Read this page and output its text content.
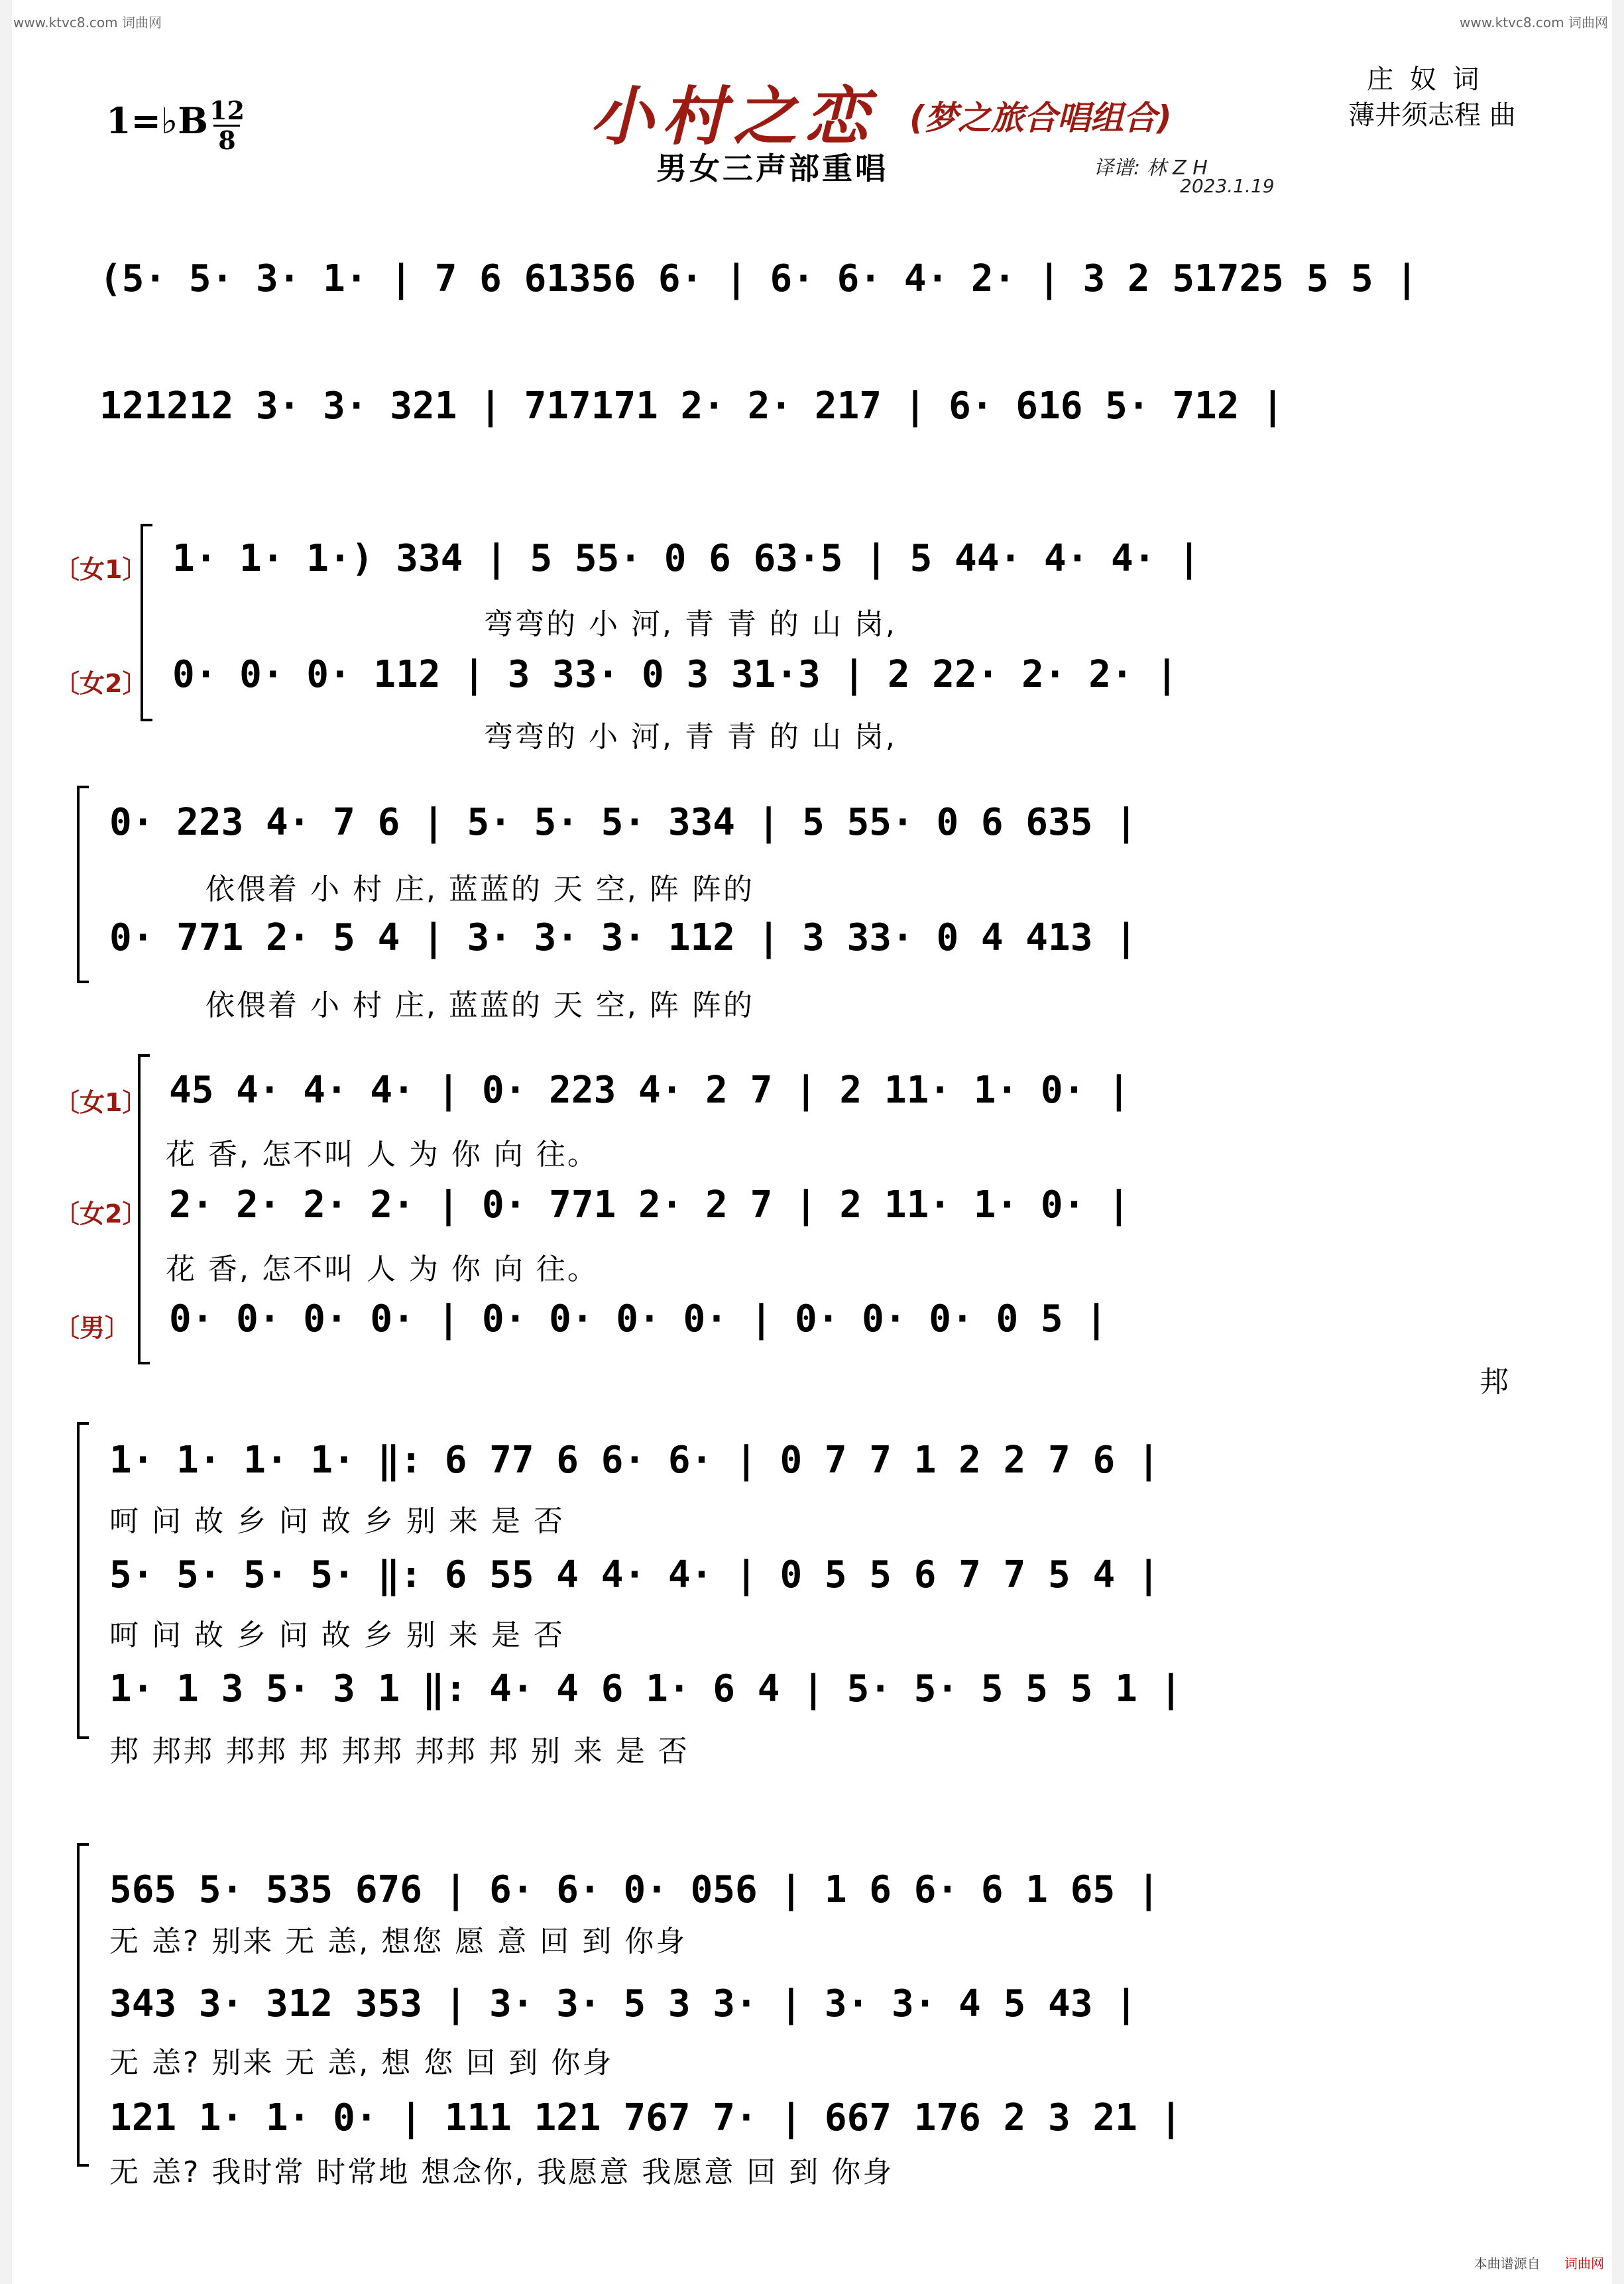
www.ktvc8.com 词曲网	www.ktvc8.com 词曲网
1=♭B 12
8	小村之恋 (梦之旅合唱组合)
男女三声部重唱	译谱: 林 Z H
2023.1.19
庄 奴 词
薄井须志程 曲
(5· 5· 3· 1· | 7 6 61356 6· | 6· 6· 4· 2· | 3 2 51725 5 5 |
121212 3· 3· 321 | 717171 2· 2· 217 | 6· 616 5· 712 |
〔女1〕
〔女2〕
1· 1· 1·) 334 | 5 55· 0 6 63·5 | 5 44· 4· 4· |
弯弯的 小 河, 青 青 的 山 岗,
0· 0· 0· 112 | 3 33· 0 3 31·3 | 2 22· 2· 2· |
弯弯的 小 河, 青 青 的 山 岗,
0· 223 4· 7 6 | 5· 5· 5· 334 | 5 55· 0 6 635 |
依偎着 小 村 庄, 蓝蓝的 天 空, 阵 阵的
0· 771 2· 5 4 | 3· 3· 3· 112 | 3 33· 0 4 413 |
依偎着 小 村 庄, 蓝蓝的 天 空, 阵 阵的
〔女1〕
〔女2〕
〔男〕
45 4· 4· 4· | 0· 223 4· 2 7 | 2 11· 1· 0· |
花 香, 怎不叫 人 为 你 向 往。
2· 2· 2· 2· | 0· 771 2· 2 7 | 2 11· 1· 0· |
花 香, 怎不叫 人 为 你 向 往。
0· 0· 0· 0· | 0· 0· 0· 0· | 0· 0· 0· 0 5 |
邦
1· 1· 1· 1· ‖: 6 77 6 6· 6· | 0 7 7 1 2 2 7 6 |
呵 问 故 乡 问 故 乡 别 来 是 否
5· 5· 5· 5· ‖: 6 55 4 4· 4· | 0 5 5 6 7 7 5 4 |
呵 问 故 乡 问 故 乡 别 来 是 否
1· 1 3 5· 3 1 ‖: 4· 4 6 1· 6 4 | 5· 5· 5 5 5 1 |
邦 邦邦 邦邦 邦 邦邦 邦邦 邦 别 来 是 否
565 5· 535 676 | 6· 6· 0· 056 | 1 6 6· 6 1 65 |
无 恙? 别来 无 恙, 想您 愿 意 回 到 你身
343 3· 312 353 | 3· 3· 5 3 3· | 3· 3· 4 5 43 |
无 恙? 别来 无 恙, 想 您 回 到 你身
121 1· 1· 0· | 111 121 767 7· | 667 176 2 3 21 |
无 恙? 我时常 时常地 想念你, 我愿意 我愿意 回 到 你身
本曲谱源自 词曲网
